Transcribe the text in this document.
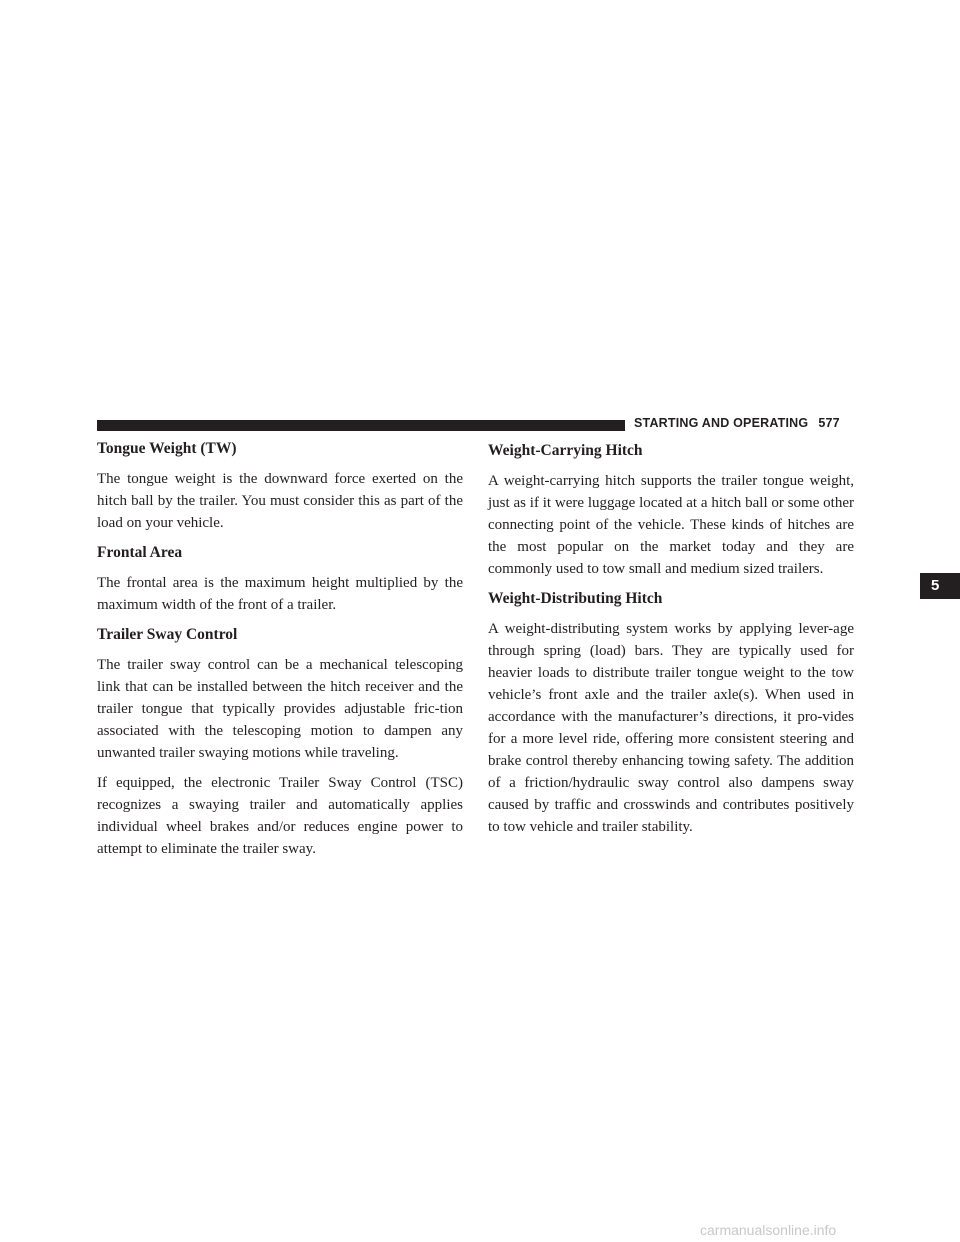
STARTING AND OPERATING 577
Tongue Weight (TW)

The tongue weight is the downward force exerted on the hitch ball by the trailer. You must consider this as part of the load on your vehicle.

Frontal Area

The frontal area is the maximum height multiplied by the maximum width of the front of a trailer.

Trailer Sway Control

The trailer sway control can be a mechanical telescoping link that can be installed between the hitch receiver and the trailer tongue that typically provides adjustable fric-tion associated with the telescoping motion to dampen any unwanted trailer swaying motions while traveling.

If equipped, the electronic Trailer Sway Control (TSC) recognizes a swaying trailer and automatically applies individual wheel brakes and/or reduces engine power to attempt to eliminate the trailer sway.

Weight-Carrying Hitch

A weight-carrying hitch supports the trailer tongue weight, just as if it were luggage located at a hitch ball or some other connecting point of the vehicle. These kinds of hitches are the most popular on the market today and they are commonly used to tow small and medium sized trailers.

Weight-Distributing Hitch

A weight-distributing system works by applying lever-age through spring (load) bars. They are typically used for heavier loads to distribute trailer tongue weight to the tow vehicle’s front axle and the trailer axle(s). When used in accordance with the manufacturer’s directions, it pro-vides for a more level ride, offering more consistent steering and brake control thereby enhancing towing safety. The addition of a friction/hydraulic sway control also dampens sway caused by traffic and crosswinds and contributes positively to tow vehicle and trailer stability.

5
carmanualsonline.info
